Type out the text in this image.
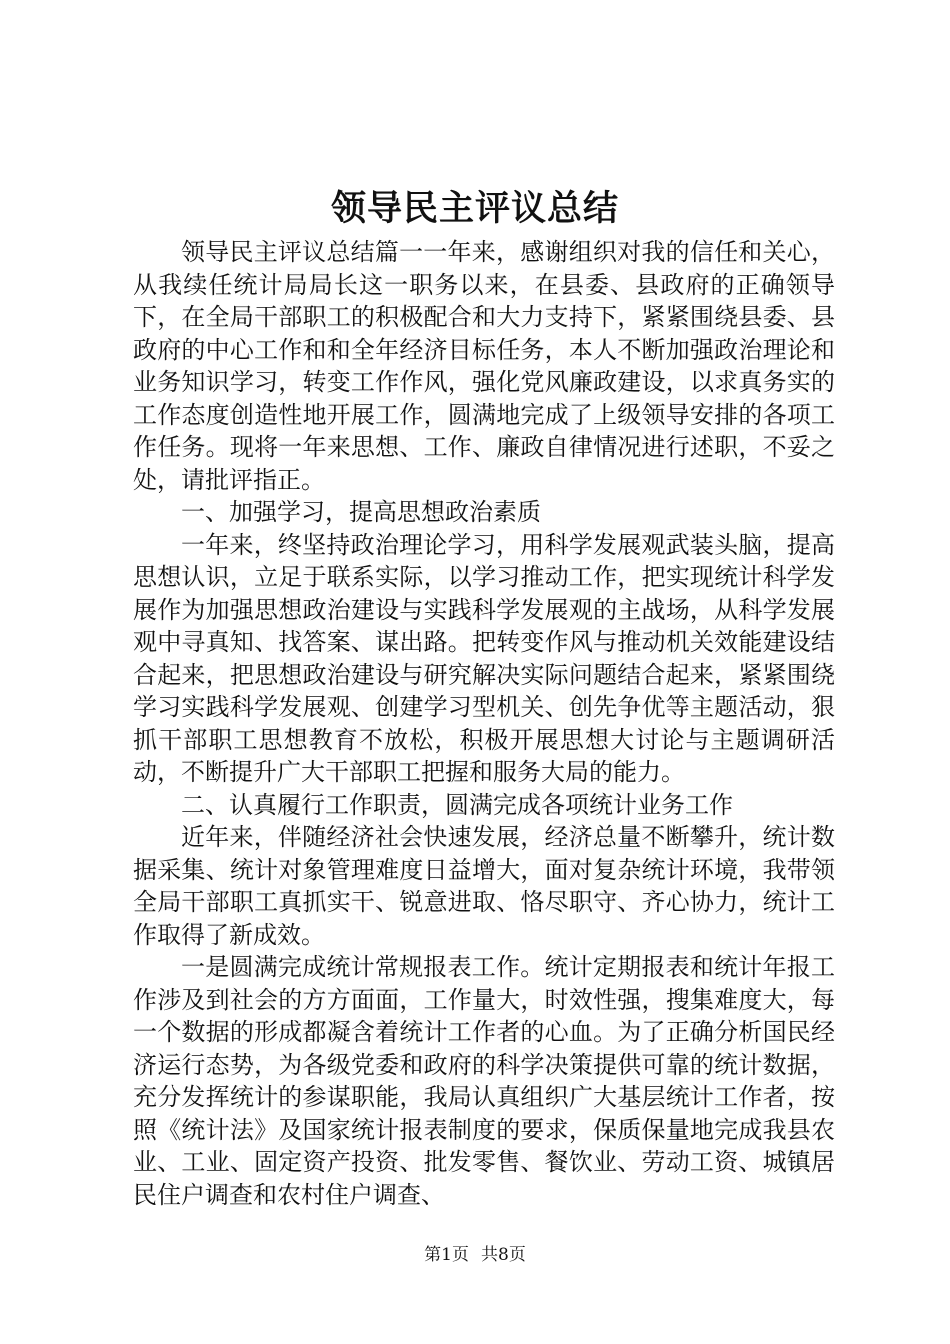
领导民主评议总结

领导民主评议总结篇一一年来，感谢组织对我的信任和关心，从我续任统计局局长这一职务以来，在县委、县政府的正确领导下，在全局干部职工的积极配合和大力支持下，紧紧围绕县委、县政府的中心工作和和全年经济目标任务，本人不断加强政治理论和业务知识学习，转变工作作风，强化党风廉政建设，以求真务实的工作态度创造性地开展工作，圆满地完成了上级领导安排的各项工作任务。现将一年来思想、工作、廉政自律情况进行述职，不妥之处，请批评指正。

一、加强学习，提高思想政治素质

一年来，终坚持政治理论学习，用科学发展观武装头脑，提高思想认识，立足于联系实际，以学习推动工作，把实现统计科学发展作为加强思想政治建设与实践科学发展观的主战场，从科学发展观中寻真知、找答案、谋出路。把转变作风与推动机关效能建设结合起来，把思想政治建设与研究解决实际问题结合起来，紧紧围绕学习实践科学发展观、创建学习型机关、创先争优等主题活动，狠抓干部职工思想教育不放松，积极开展思想大讨论与主题调研活动，不断提升广大干部职工把握和服务大局的能力。

二、认真履行工作职责，圆满完成各项统计业务工作

近年来，伴随经济社会快速发展，经济总量不断攀升，统计数据采集、统计对象管理难度日益增大，面对复杂统计环境，我带领全局干部职工真抓实干、锐意进取、恪尽职守、齐心协力，统计工作取得了新成效。

一是圆满完成统计常规报表工作。统计定期报表和统计年报工作涉及到社会的方方面面，工作量大，时效性强，搜集难度大，每一个数据的形成都凝含着统计工作者的心血。为了正确分析国民经济运行态势，为各级党委和政府的科学决策提供可靠的统计数据，充分发挥统计的参谋职能，我局认真组织广大基层统计工作者，按照《统计法》及国家统计报表制度的要求，保质保量地完成我县农业、工业、固定资产投资、批发零售、餐饮业、劳动工资、城镇居民住户调查和农村住户调查、

第1页 共8页
